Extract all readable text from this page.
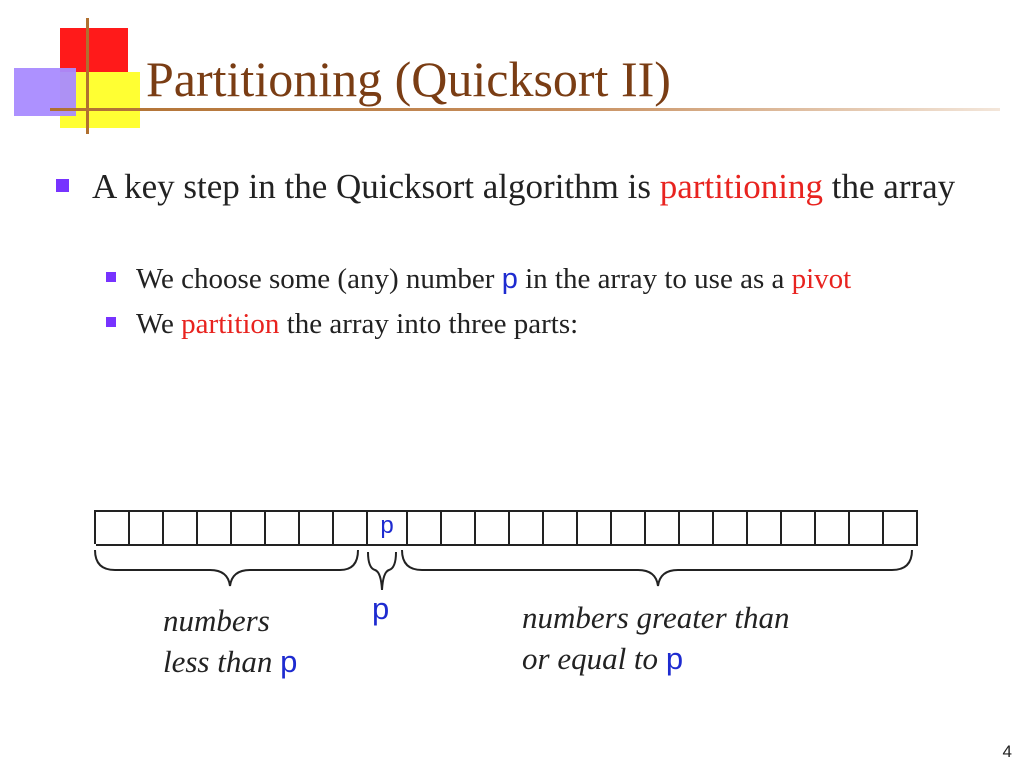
Partitioning (Quicksort II)
A key step in the Quicksort algorithm is partitioning the array
We choose some (any) number p in the array to use as a pivot
We partition the array into three parts:
p
p
numbers
less than p
numbers greater than
or equal to p
4
